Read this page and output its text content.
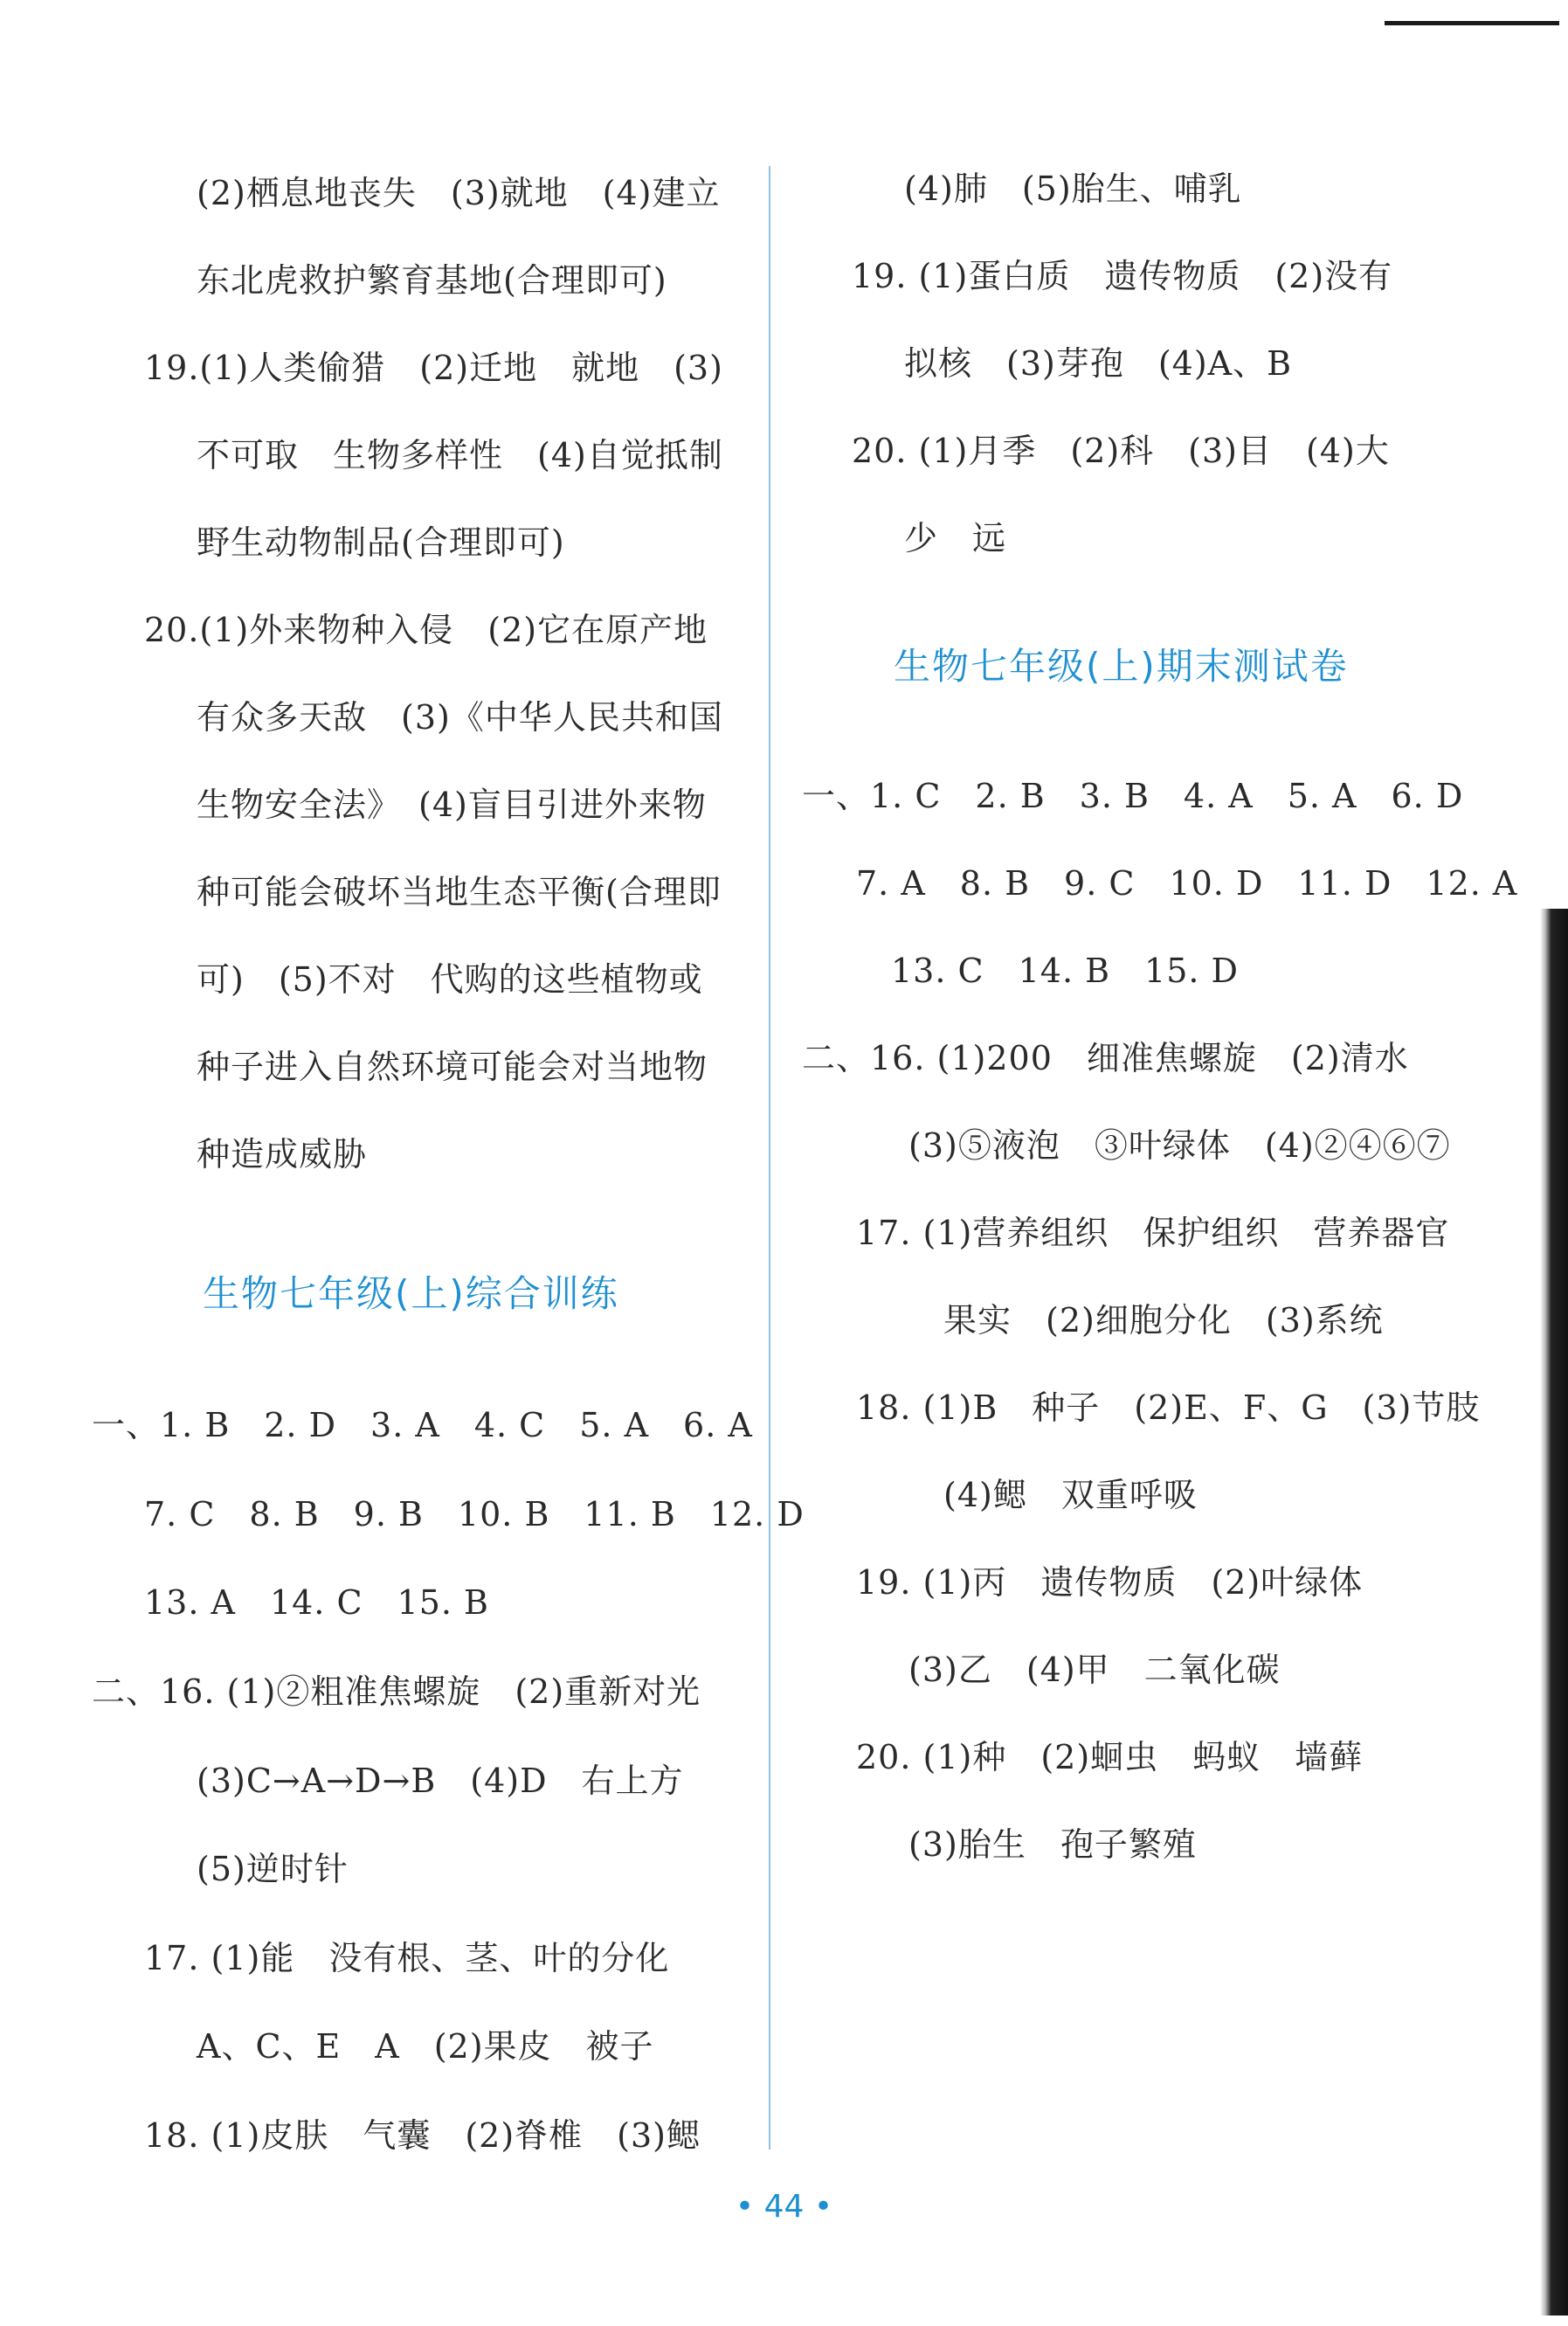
(2)栖息地丧失　(3)就地　(4)建立
东北虎救护繁育基地(合理即可)
19.(1)人类偷猎　(2)迁地　就地　(3)
不可取　生物多样性　(4)自觉抵制
野生动物制品(合理即可)
20.(1)外来物种入侵　(2)它在原产地
有众多天敌　(3)《中华人民共和国
生物安全法》　(4)盲目引进外来物
种可能会破坏当地生态平衡(合理即
可)　(5)不对　代购的这些植物或
种子进入自然环境可能会对当地物
种造成威胁
生物七年级(上)综合训练
一、1. B　2. D　3. A　4. C　5. A　6. A
7. C　8. B　9. B　10. B　11. B　12. D
13. A　14. C　15. B
二、16. (1)②粗准焦螺旋　(2)重新对光
(3)C→A→D→B　(4)D　右上方
(5)逆时针
17. (1)能　没有根、茎、叶的分化
A、C、E　A　(2)果皮　被子
18. (1)皮肤　气囊　(2)脊椎　(3)鳃
(4)肺　(5)胎生、哺乳
19. (1)蛋白质　遗传物质　(2)没有
拟核　(3)芽孢　(4)A、B
20. (1)月季　(2)科　(3)目　(4)大
少　远
生物七年级(上)期末测试卷
一、1. C　2. B　3. B　4. A　5. A　6. D
7. A　8. B　9. C　10. D　11. D　12. A
13. C　14. B　15. D
二、16. (1)200　细准焦螺旋　(2)清水
(3)⑤液泡　③叶绿体　(4)②④⑥⑦
17. (1)营养组织　保护组织　营养器官
果实　(2)细胞分化　(3)系统
18. (1)B　种子　(2)E、F、G　(3)节肢
(4)鳃　双重呼吸
19. (1)丙　遗传物质　(2)叶绿体
(3)乙　(4)甲　二氧化碳
20. (1)种　(2)蛔虫　蚂蚁　墙藓
(3)胎生　孢子繁殖
• 44 •
